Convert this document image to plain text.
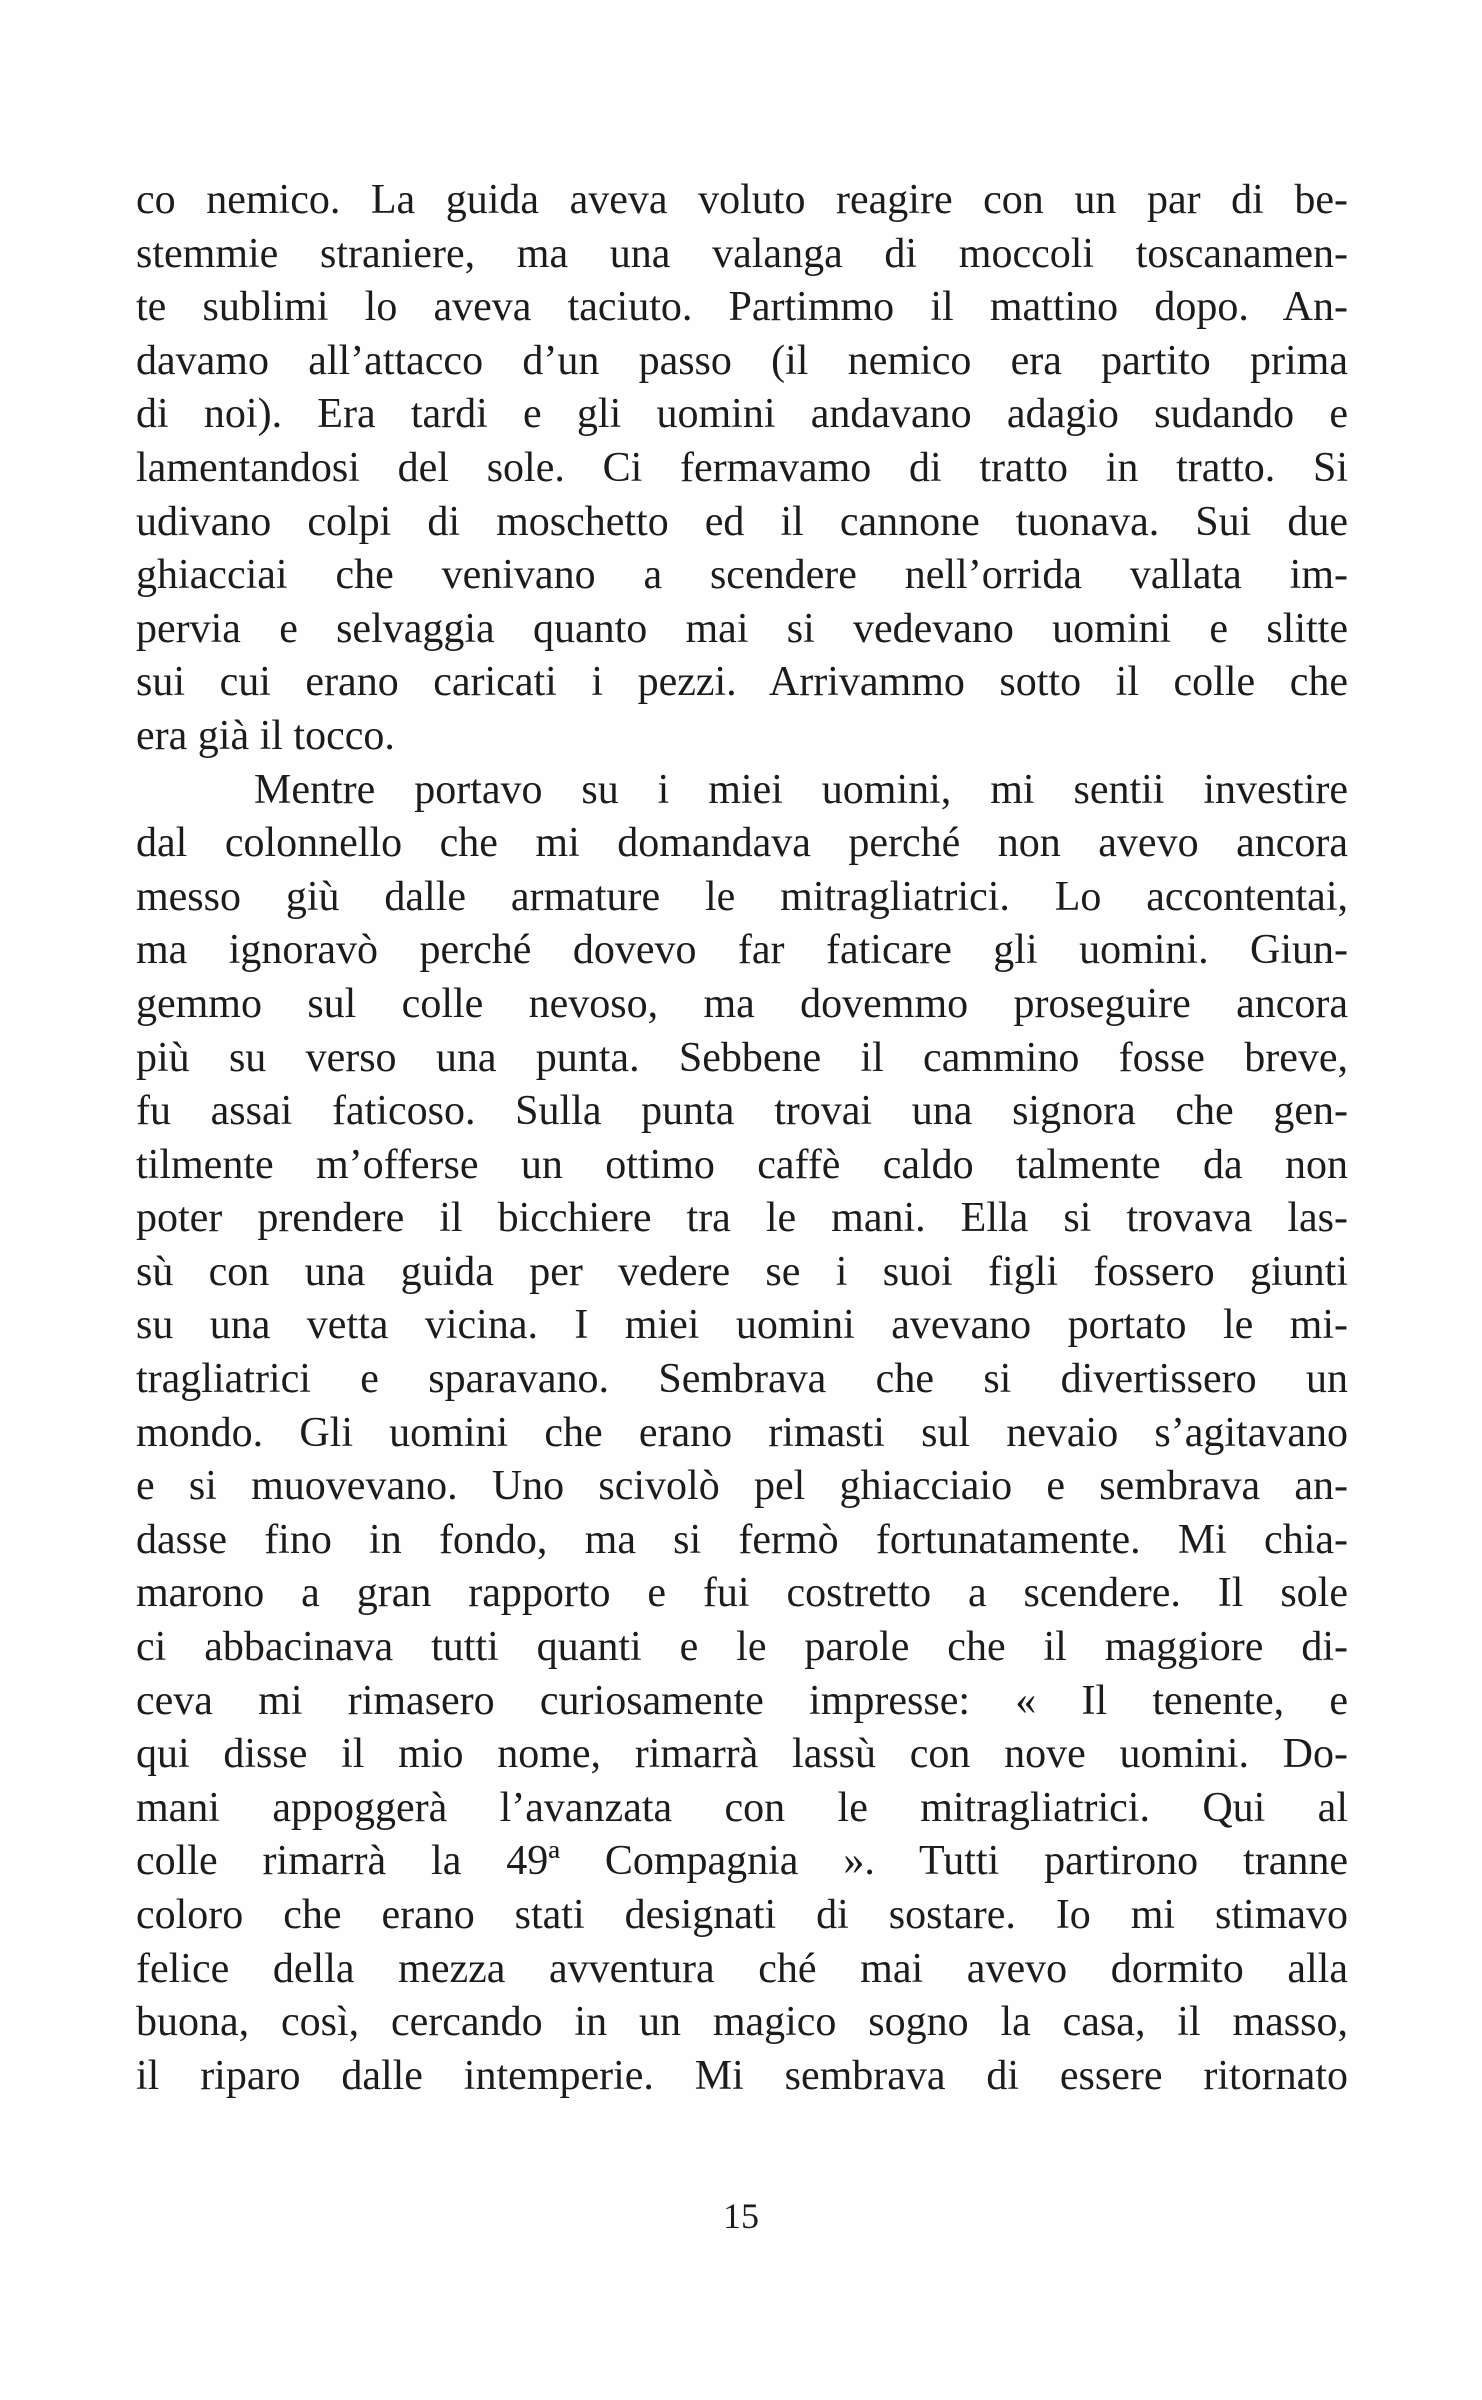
co nemico. La guida aveva voluto reagire con un par di be-
stemmie straniere, ma una valanga di moccoli toscanamen-
te sublimi lo aveva taciuto. Partimmo il mattino dopo. An-
davamo all’attacco d’un passo (il nemico era partito prima
di noi). Era tardi e gli uomini andavano adagio sudando e
lamentandosi del sole. Ci fermavamo di tratto in tratto. Si
udivano colpi di moschetto ed il cannone tuonava. Sui due
ghiacciai che venivano a scendere nell’orrida vallata im-
pervia e selvaggia quanto mai si vedevano uomini e slitte
sui cui erano caricati i pezzi. Arrivammo sotto il colle che
era già il tocco.
Mentre portavo su i miei uomini, mi sentii investire
dal colonnello che mi domandava perché non avevo ancora
messo giù dalle armature le mitragliatrici. Lo accontentai,
ma ignoravò perché dovevo far faticare gli uomini. Giun-
gemmo sul colle nevoso, ma dovemmo proseguire ancora
più su verso una punta. Sebbene il cammino fosse breve,
fu assai faticoso. Sulla punta trovai una signora che gen-
tilmente m’offerse un ottimo caffè caldo talmente da non
poter prendere il bicchiere tra le mani. Ella si trovava las-
sù con una guida per vedere se i suoi figli fossero giunti
su una vetta vicina. I miei uomini avevano portato le mi-
tragliatrici e sparavano. Sembrava che si divertissero un
mondo. Gli uomini che erano rimasti sul nevaio s’agitavano
e si muovevano. Uno scivolò pel ghiacciaio e sembrava an-
dasse fino in fondo, ma si fermò fortunatamente. Mi chia-
marono a gran rapporto e fui costretto a scendere. Il sole
ci abbacinava tutti quanti e le parole che il maggiore di-
ceva mi rimasero curiosamente impresse: « Il tenente, e
qui disse il mio nome, rimarrà lassù con nove uomini. Do-
mani appoggerà l’avanzata con le mitragliatrici. Qui al
colle rimarrà la 49ª Compagnia ». Tutti partirono tranne
coloro che erano stati designati di sostare. Io mi stimavo
felice della mezza avventura ché mai avevo dormito alla
buona, così, cercando in un magico sogno la casa, il masso,
il riparo dalle intemperie. Mi sembrava di essere ritornato
15
